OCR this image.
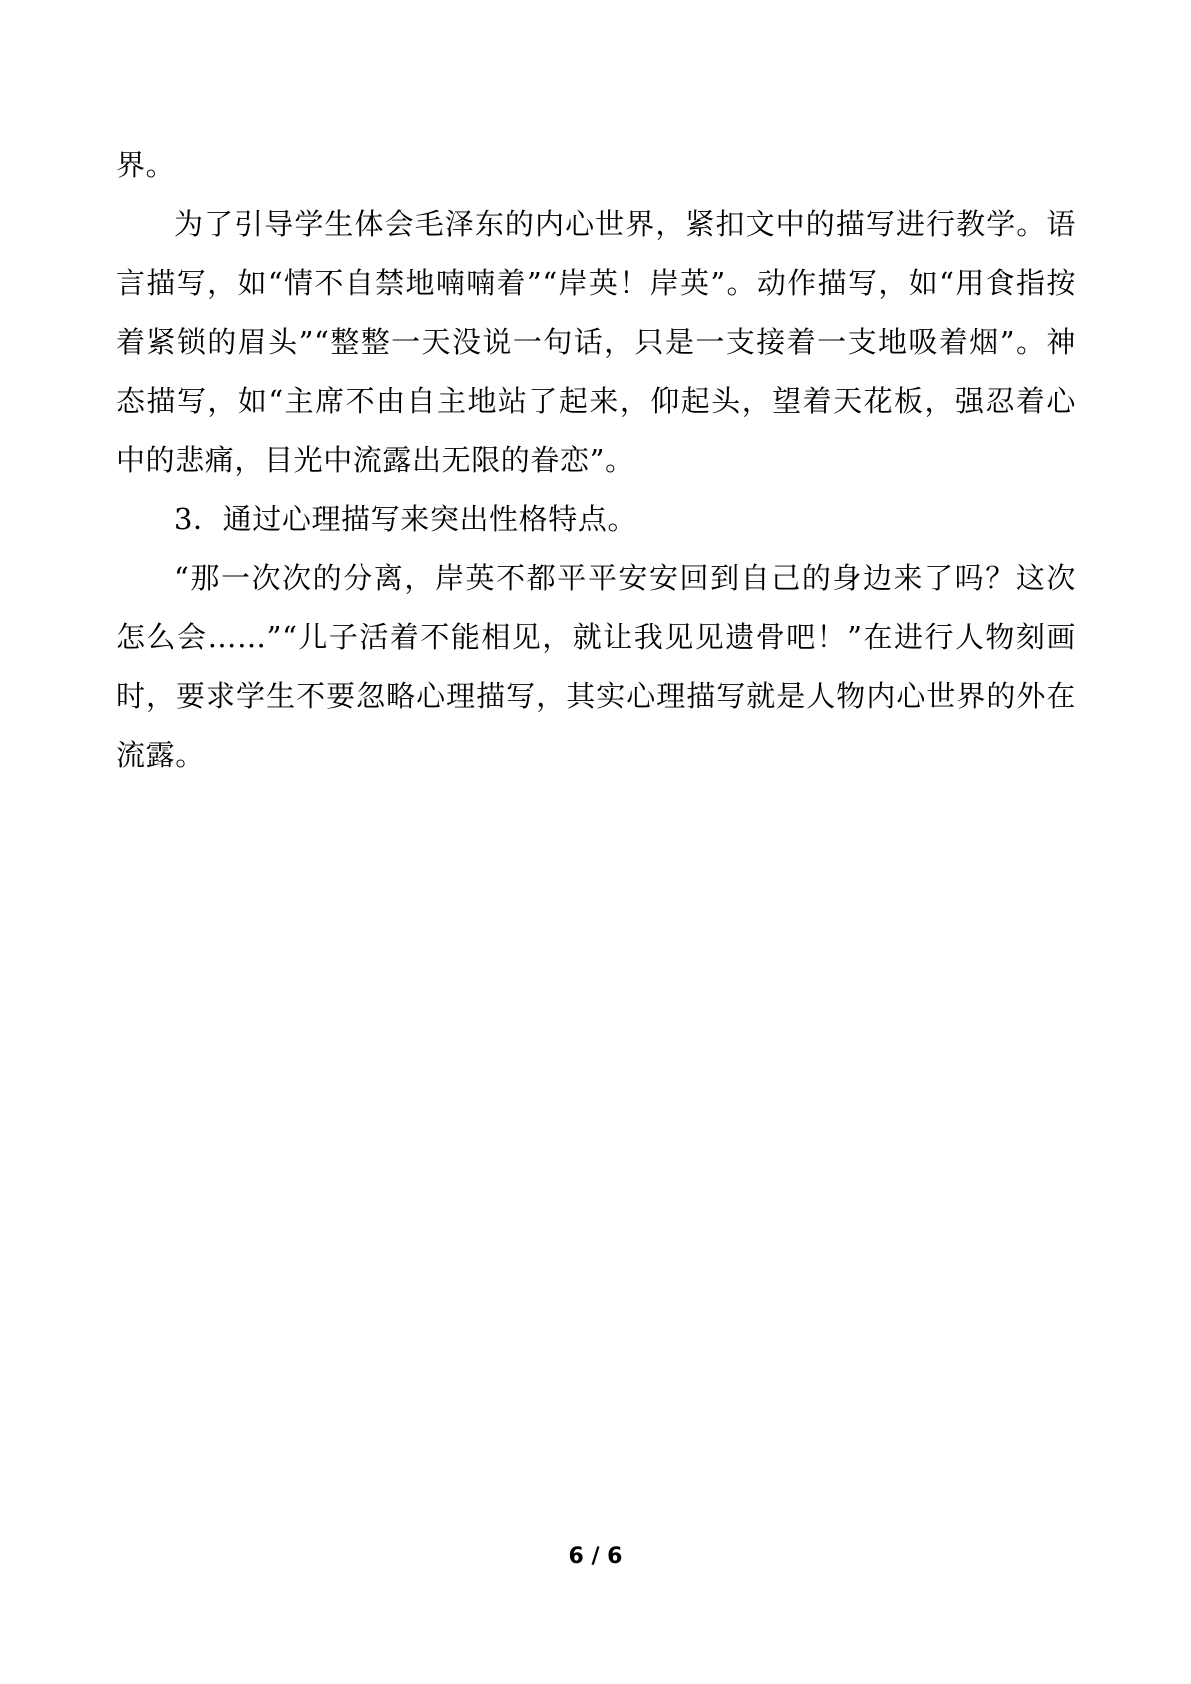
界。

为了引导学生体会毛泽东的内心世界，紧扣文中的描写进行教学。语言描写，如“情不自禁地喃喃着”“岸英！岸英”。动作描写，如“用食指按着紧锁的眉头”“整整一天没说一句话，只是一支接着一支地吸着烟”。神态描写，如“主席不由自主地站了起来，仰起头，望着天花板，强忍着心中的悲痛，目光中流露出无限的眷恋”。

3．通过心理描写来突出性格特点。

“那一次次的分离，岸英不都平平安安回到自己的身边来了吗？这次怎么会……”“儿子活着不能相见，就让我见见遗骨吧！”在进行人物刻画时，要求学生不要忽略心理描写，其实心理描写就是人物内心世界的外在流露。

6 / 6
